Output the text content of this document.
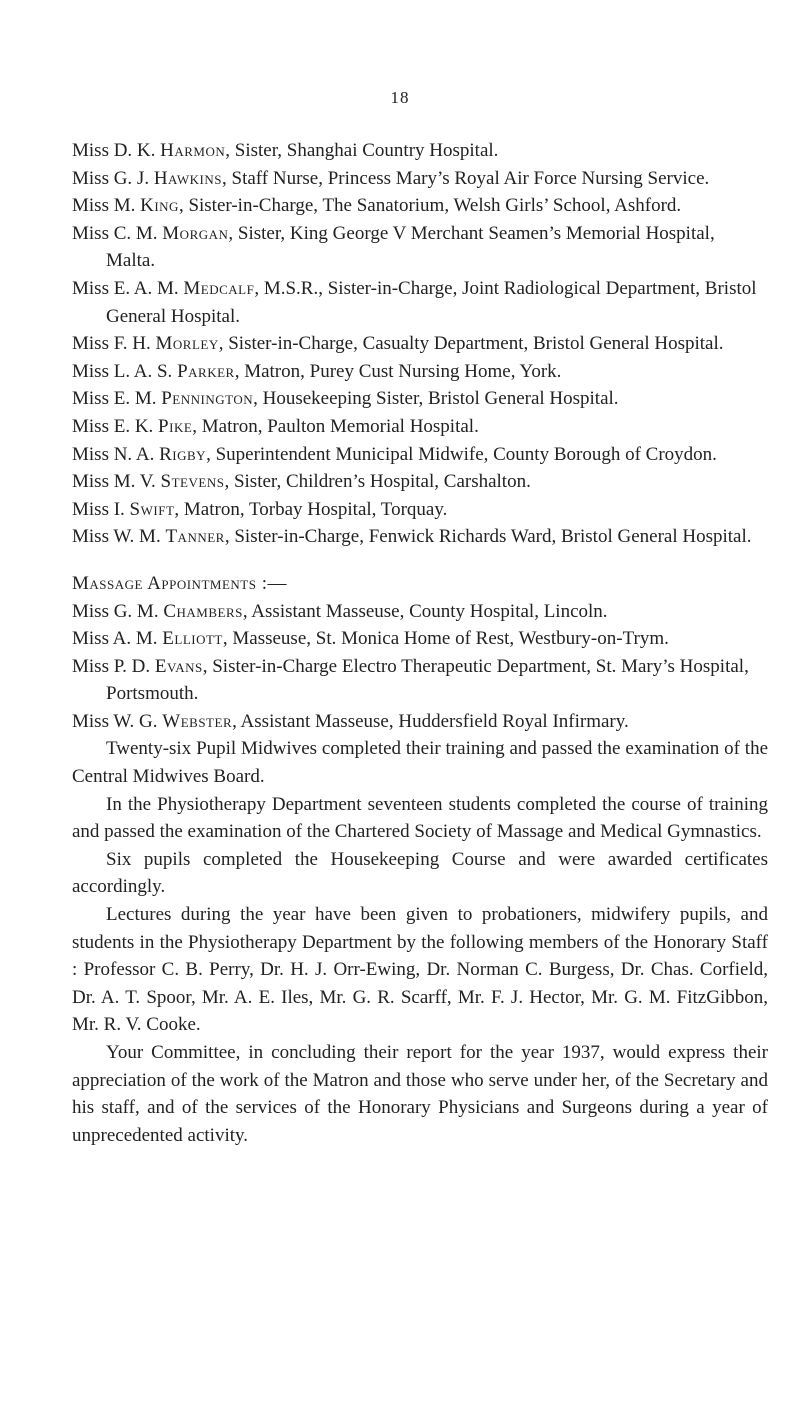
18

Miss D. K. Harmon, Sister, Shanghai Country Hospital.

Miss G. J. Hawkins, Staff Nurse, Princess Mary’s Royal Air Force Nursing Service.

Miss M. King, Sister-in-Charge, The Sanatorium, Welsh Girls’ School, Ashford.

Miss C. M. Morgan, Sister, King George V Merchant Seamen’s Memorial Hospital, Malta.

Miss E. A. M. Medcalf, M.S.R., Sister-in-Charge, Joint Radiological Department, Bristol General Hospital.

Miss F. H. Morley, Sister-in-Charge, Casualty Department, Bristol General Hospital.

Miss L. A. S. Parker, Matron, Purey Cust Nursing Home, York.

Miss E. M. Pennington, Housekeeping Sister, Bristol General Hospital.

Miss E. K. Pike, Matron, Paulton Memorial Hospital.

Miss N. A. Rigby, Superintendent Municipal Midwife, County Borough of Croydon.

Miss M. V. Stevens, Sister, Children’s Hospital, Carshalton.

Miss I. Swift, Matron, Torbay Hospital, Torquay.

Miss W. M. Tanner, Sister-in-Charge, Fenwick Richards Ward, Bristol General Hospital.

Massage Appointments :—

Miss G. M. Chambers, Assistant Masseuse, County Hospital, Lincoln.

Miss A. M. Elliott, Masseuse, St. Monica Home of Rest, Westbury-on-Trym.

Miss P. D. Evans, Sister-in-Charge Electro Therapeutic Department, St. Mary’s Hospital, Portsmouth.

Miss W. G. Webster, Assistant Masseuse, Huddersfield Royal Infirmary.

Twenty-six Pupil Midwives completed their training and passed the examination of the Central Midwives Board.

In the Physiotherapy Department seventeen students completed the course of training and passed the examination of the Chartered Society of Massage and Medical Gymnastics.

Six pupils completed the Housekeeping Course and were awarded certificates accordingly.

Lectures during the year have been given to probationers, midwifery pupils, and students in the Physiotherapy Department by the following members of the Honorary Staff : Professor C. B. Perry, Dr. H. J. Orr-Ewing, Dr. Norman C. Burgess, Dr. Chas. Corfield, Dr. A. T. Spoor, Mr. A. E. Iles, Mr. G. R. Scarff, Mr. F. J. Hector, Mr. G. M. FitzGibbon, Mr. R. V. Cooke.

Your Committee, in concluding their report for the year 1937, would express their appreciation of the work of the Matron and those who serve under her, of the Secretary and his staff, and of the services of the Honorary Physicians and Surgeons during a year of unprecedented activity.
